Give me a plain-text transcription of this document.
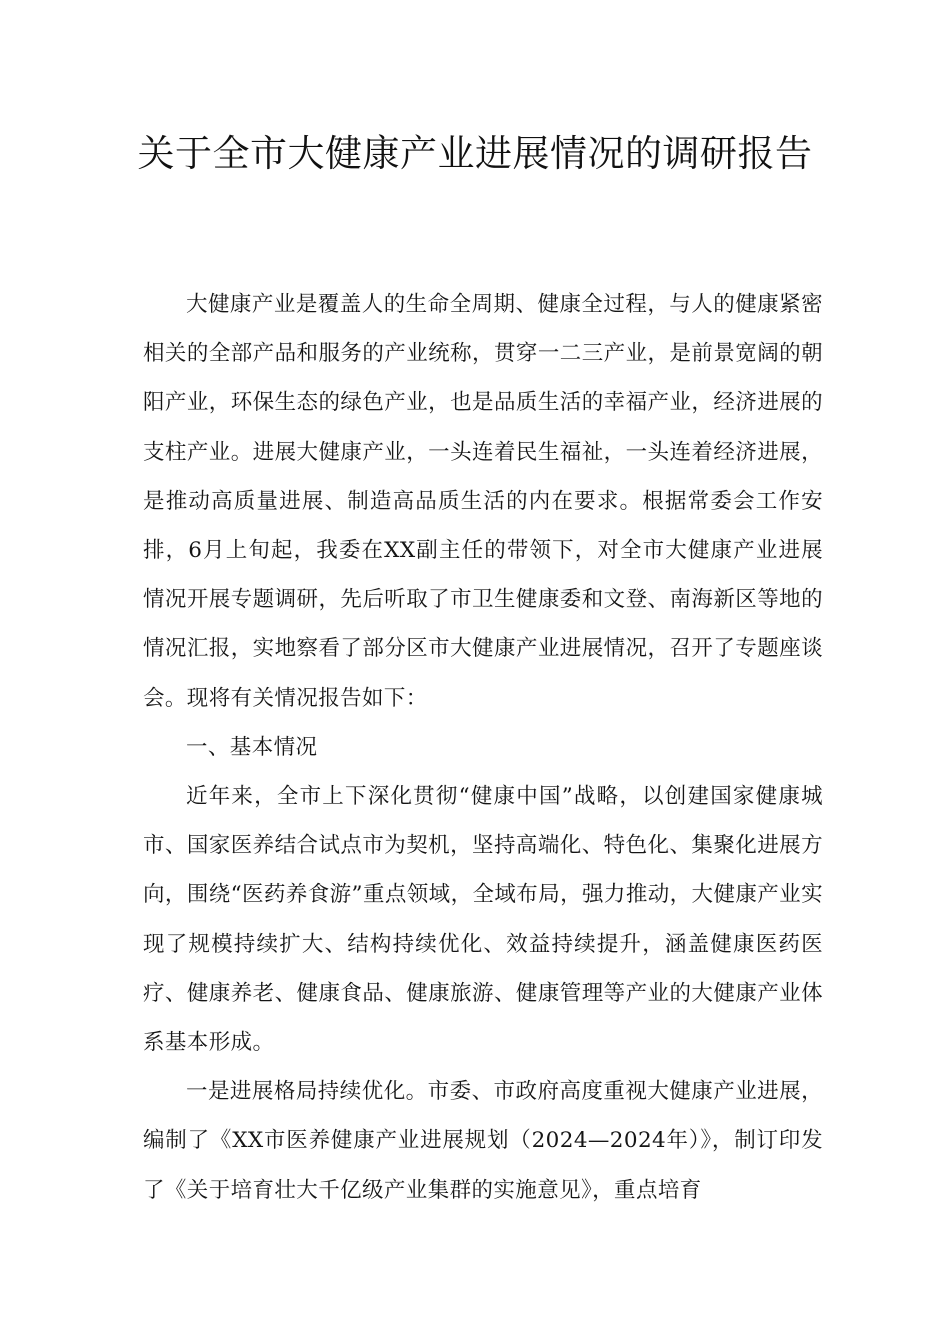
关于全市大健康产业进展情况的调研报告

大健康产业是覆盖人的生命全周期、健康全过程，与人的健康紧密相关的全部产品和服务的产业统称，贯穿一二三产业，是前景宽阔的朝阳产业，环保生态的绿色产业，也是品质生活的幸福产业，经济进展的支柱产业。进展大健康产业，一头连着民生福祉，一头连着经济进展，是推动高质量进展、制造高品质生活的内在要求。根据常委会工作安排，6月上旬起，我委在XX副主任的带领下，对全市大健康产业进展情况开展专题调研，先后听取了市卫生健康委和文登、南海新区等地的情况汇报，实地察看了部分区市大健康产业进展情况，召开了专题座谈会。现将有关情况报告如下：

一、基本情况

近年来，全市上下深化贯彻“健康中国”战略，以创建国家健康城市、国家医养结合试点市为契机，坚持高端化、特色化、集聚化进展方向，围绕“医药养食游”重点领域，全域布局，强力推动，大健康产业实现了规模持续扩大、结构持续优化、效益持续提升，涵盖健康医药医疗、健康养老、健康食品、健康旅游、健康管理等产业的大健康产业体系基本形成。

一是进展格局持续优化。市委、市政府高度重视大健康产业进展，编制了《XX市医养健康产业进展规划（2024—2024年）》，制订印发了《关于培育壮大千亿级产业集群的实施意见》，重点培育
